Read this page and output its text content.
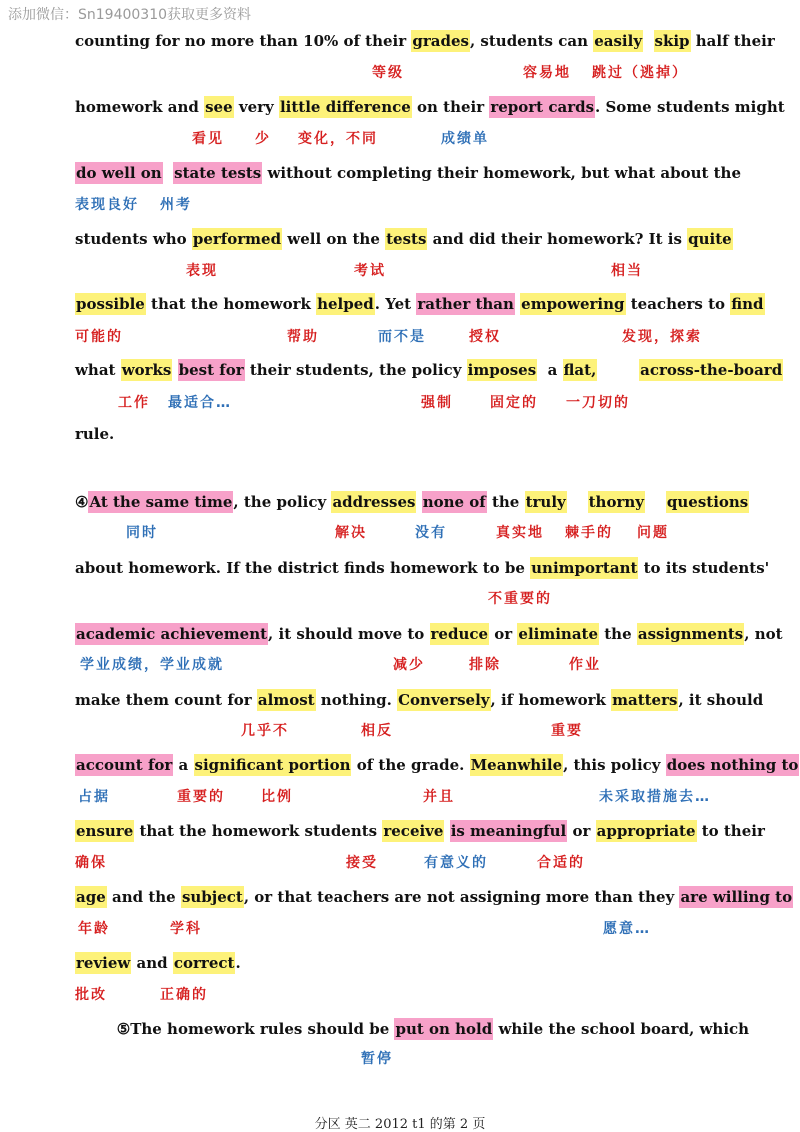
添加微信：Sn19400310获取更多资料
counting for no more than 10% of their grades, students can easily skip half their
homework and see very little difference on their report cards. Some students might
do well on state tests without completing their homework, but what about the
students who performed well on the tests and did their homework? It is quite
possible that the homework helped. Yet rather than empowering teachers to find
what works best for their students, the policy imposes  a flat,	across-the-board
rule.
④At the same time, the policy addresses none of the truly thorny questions
about homework. If the district finds homework to be unimportant to its students'
academic achievement, it should move to reduce or eliminate the assignments, not
make them count for almost nothing. Conversely, if homework matters, it should
account for a significant portion of the grade. Meanwhile, this policy does nothing to
ensure that the homework students receive is meaningful or appropriate to their
age and the subject, or that teachers are not assigning more than they are willing to
review and correct.
⑤The homework rules should be put on hold while the school board, which
等级	容易地 跳过（逃掉）
看见 少 变化，不同	成绩单
表现良好 州考
表现	考试	相当
可能的	帮助	而不是	授权	发现，探索
工作 最适合…	强制	固定的 一刀切的
同时	解决	没有	真实地 棘手的 问题
不重要的
学业成绩，学业成就	减少	排除	作业
几乎不	相反	重要
占据	重要的	比例	并且	未采取措施去…
确保	接受	有意义的	合适的
年龄	学科	愿意…
批改	正确的
暂停
分区 英二 2012 t1 的第 2 页
